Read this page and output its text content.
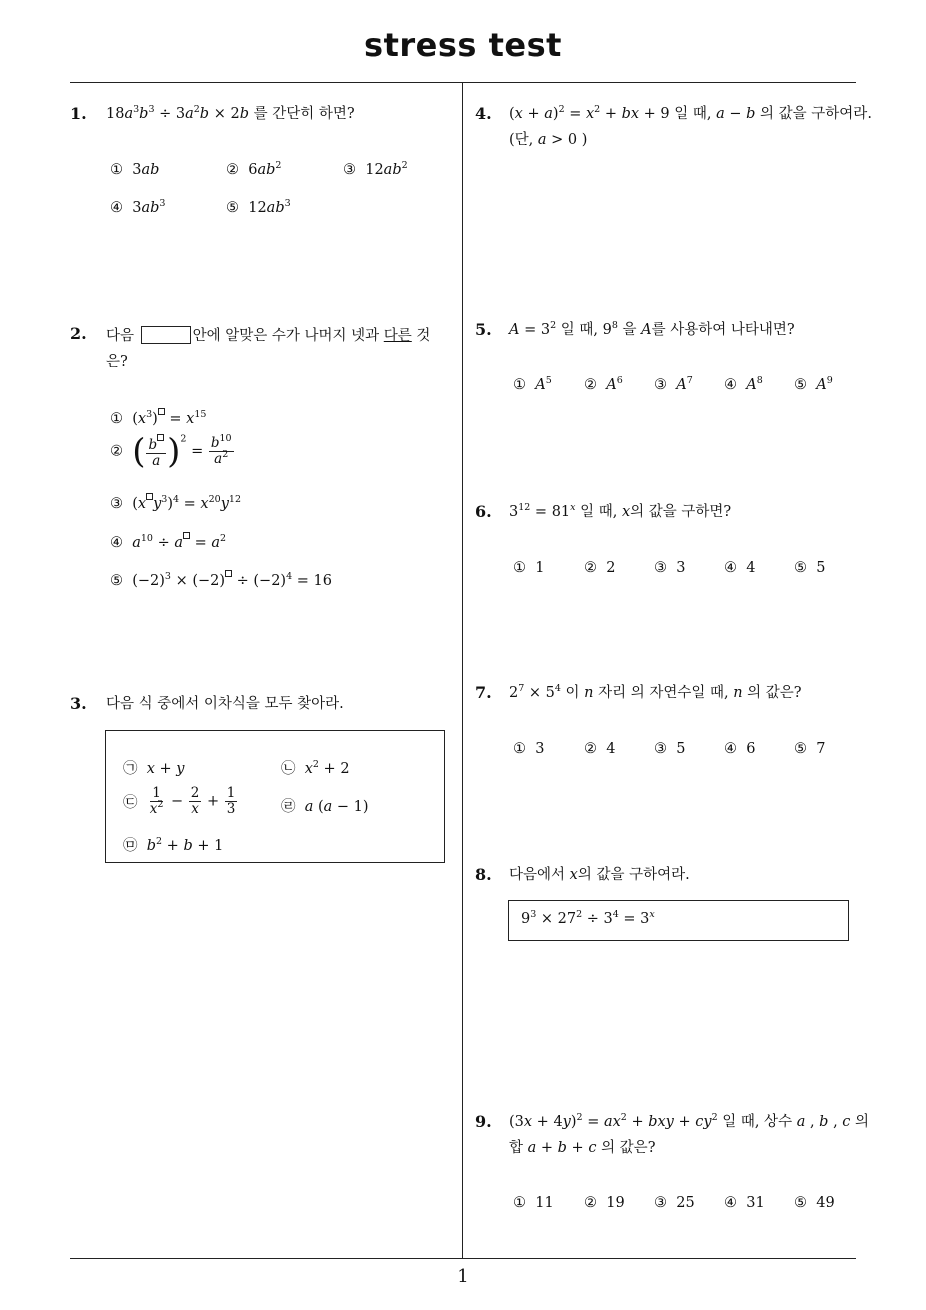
stress test
1. $18a^3b^3 \div 3a^2b \times 2b$ 를 간단히 하면?
①  3ab	②  $6ab^2$	③  $12ab^2$
④  $3ab^3$	⑤  $12ab^3$
2. 다음	안에 알맞은 수가 나머지 넷과 다른 것
은?
①  $(x^3) = x^{15}$
② ( $\frac{b}{a} )^2 = \frac{b^{10}}{a^2}$
③  (x $y^3)^4 = x^{20}y^{12}$
④ $a^{10} \div a = a^2$
⑤  $(-2)^3 \times (-2) \div (-2)^4 = 16$
3. 다음 식 중에서 이차식을 모두 찾아라.
㉠ x + y	㉡ $x^2 + 2$
㉢ $\frac{1}{x^2} - \frac{2}{x} + \frac{1}{3}$	㉣ a (a − 1)
㉤ $b^2 + b + 1$
4. $(x + a)^2 = x^2$ + bx + 9 일 때, a − b 의 값을 구하여라.
(단, a > 0 )
5. $A = 3^2$ 일 때, $9^8$ 을 A를 사용하여 나타내면?
① $A^5$ ② $A^6$ ③ $A^7$ ④ $A^8$ ⑤ $A^9$
6. $3^{12} = 81^x$ 일 때, x의 값을 구하면?
① 1	② 2	③ 3	④ 4	⑤ 5
7. $2^7 \times 5^4$ 이 n 자리 의 자연수일 때, n 의 값은?
① 3	② 4	③ 5	④ 6	⑤ 7
8. 다음에서 x의 값을 구하여라.
$9^3 \times 27^2 \div 3^4 = 3^x$
9. $(3x + 4y)^2 = ax^2$ + bxy + $cy^2$ 일 때, 상수 a , b , c 의
합 a + b + c 의 값은?
① 11 ② 19 ③ 25 ④ 31 ⑤ 49
1
